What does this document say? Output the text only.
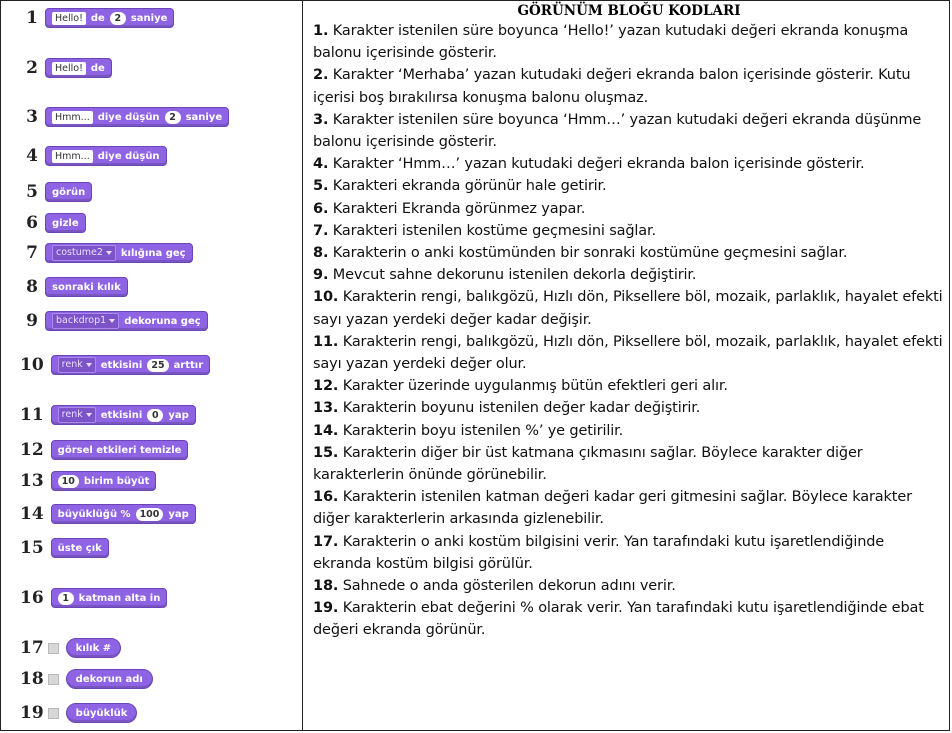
1	Hello! de	2 saniye
2	Hello! de
3	Hmm... diye düşün	2 saniye
4	Hmm... diye düşün
5 görün
6 gizle
7 costume2 kılığına geç
8 sonraki kılık
9 backdrop1 dekoruna geç
10 renk etkisini 25 arttır
11 renk etkisini	0 yap
12 görsel etkileri temizle
13	10 birim büyüt
14 büyüklüğü % 100 yap
15 üste çık
16	1 katman alta in
17	kılık #
18	dekorun adı
19	büyüklük

GÖRÜNÜM BLOĞU KODLARI

1. Karakter istenilen süre boyunca ‘Hello!’ yazan kutudaki değeri ekranda konuşma balonu içerisinde gösterir.

2. Karakter ‘Merhaba’ yazan kutudaki değeri ekranda balon içerisinde gösterir. Kutu içerisi boş bırakılırsa konuşma balonu oluşmaz.

3. Karakter istenilen süre boyunca ‘Hmm…’ yazan kutudaki değeri ekranda düşünme balonu içerisinde gösterir.

4. Karakter ‘Hmm…’ yazan kutudaki değeri ekranda balon içerisinde gösterir.

5. Karakteri ekranda görünür hale getirir.

6. Karakteri Ekranda görünmez yapar.

7. Karakteri istenilen kostüme geçmesini sağlar.

8. Karakterin o anki kostümünden bir sonraki kostümüne geçmesini sağlar.

9. Mevcut sahne dekorunu istenilen dekorla değiştirir.

10. Karakterin rengi, balıkgözü, Hızlı dön, Piksellere böl, mozaik, parlaklık, hayalet efekti sayı yazan yerdeki değer kadar değişir.

11. Karakterin rengi, balıkgözü, Hızlı dön, Piksellere böl, mozaik, parlaklık, hayalet efekti sayı yazan yerdeki değer olur.

12. Karakter üzerinde uygulanmış bütün efektleri geri alır.

13. Karakterin boyunu istenilen değer kadar değiştirir.

14. Karakterin boyu istenilen %’ ye getirilir.

15. Karakterin diğer bir üst katmana çıkmasını sağlar. Böylece karakter diğer karakterlerin önünde görünebilir.

16. Karakterin istenilen katman değeri kadar geri gitmesini sağlar. Böylece karakter diğer karakterlerin arkasında gizlenebilir.

17. Karakterin o anki kostüm bilgisini verir. Yan tarafındaki kutu işaretlendiğinde ekranda kostüm bilgisi görülür.

18. Sahnede o anda gösterilen dekorun adını verir.

19. Karakterin ebat değerini % olarak verir. Yan tarafındaki kutu işaretlendiğinde ebat değeri ekranda görünür.
